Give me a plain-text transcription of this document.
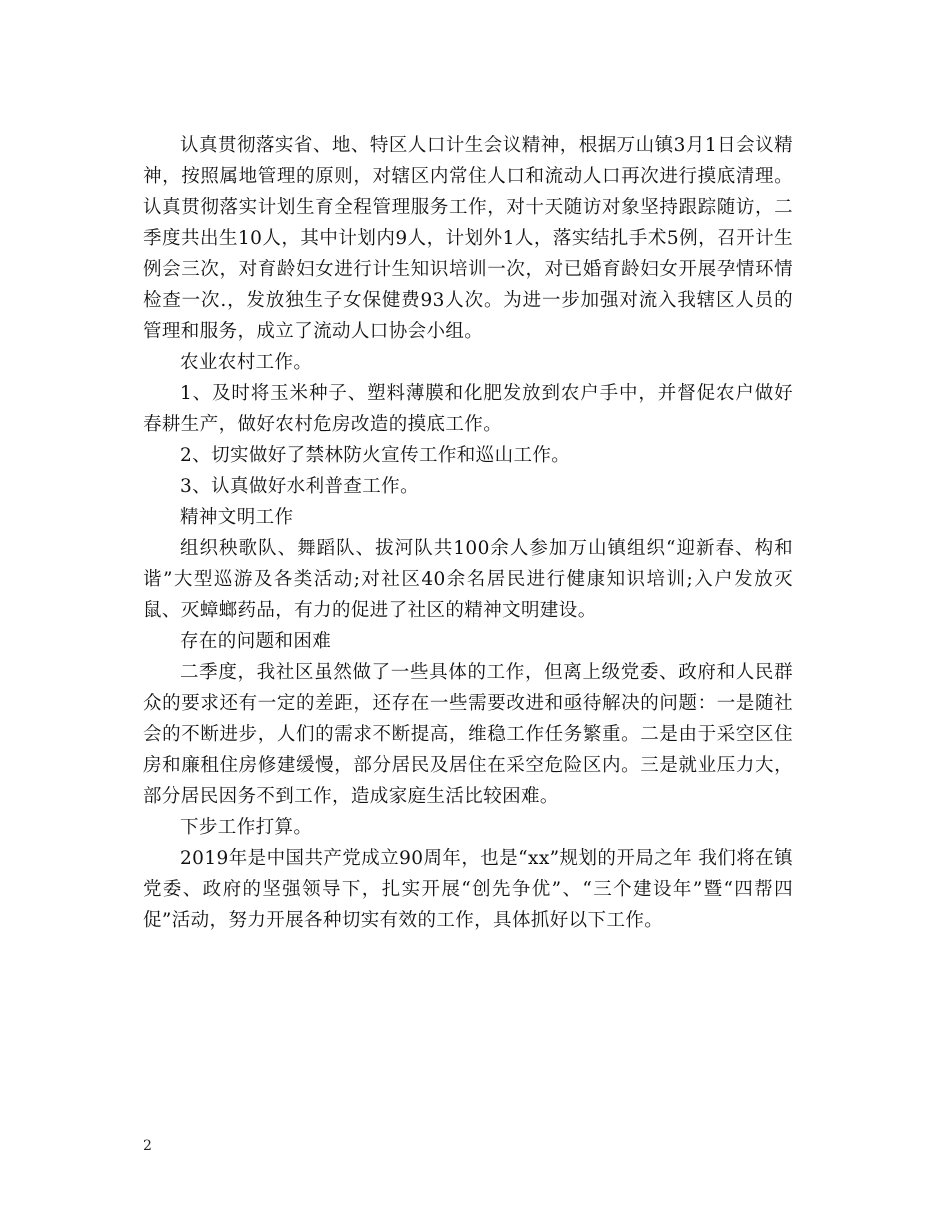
认真贯彻落实省、地、特区人口计生会议精神，根据万山镇3月1日会议精神，按照属地管理的原则，对辖区内常住人口和流动人口再次进行摸底清理。认真贯彻落实计划生育全程管理服务工作，对十天随访对象坚持跟踪随访，二季度共出生10人，其中计划内9人，计划外1人，落实结扎手术5例，召开计生例会三次，对育龄妇女进行计生知识培训一次，对已婚育龄妇女开展孕情环情检查一次.，发放独生子女保健费93人次。为进一步加强对流入我辖区人员的管理和服务，成立了流动人口协会小组。

农业农村工作。

1、及时将玉米种子、塑料薄膜和化肥发放到农户手中，并督促农户做好春耕生产，做好农村危房改造的摸底工作。

2、切实做好了禁林防火宣传工作和巡山工作。

3、认真做好水利普查工作。

精神文明工作

组织秧歌队、舞蹈队、拔河队共100余人参加万山镇组织“迎新春、构和谐”大型巡游及各类活动;对社区40余名居民进行健康知识培训;入户发放灭鼠、灭蟑螂药品，有力的促进了社区的精神文明建设。

存在的问题和困难

二季度，我社区虽然做了一些具体的工作，但离上级党委、政府和人民群众的要求还有一定的差距，还存在一些需要改进和亟待解决的问题：一是随社会的不断进步，人们的需求不断提高，维稳工作任务繁重。二是由于采空区住房和廉租住房修建缓慢，部分居民及居住在采空危险区内。三是就业压力大，部分居民因务不到工作，造成家庭生活比较困难。

下步工作打算。

2019年是中国共产党成立90周年，也是“xx”规划的开局之年 我们将在镇党委、政府的坚强领导下，扎实开展“创先争优”、“三个建设年”暨“四帮四促”活动，努力开展各种切实有效的工作，具体抓好以下工作。

2
